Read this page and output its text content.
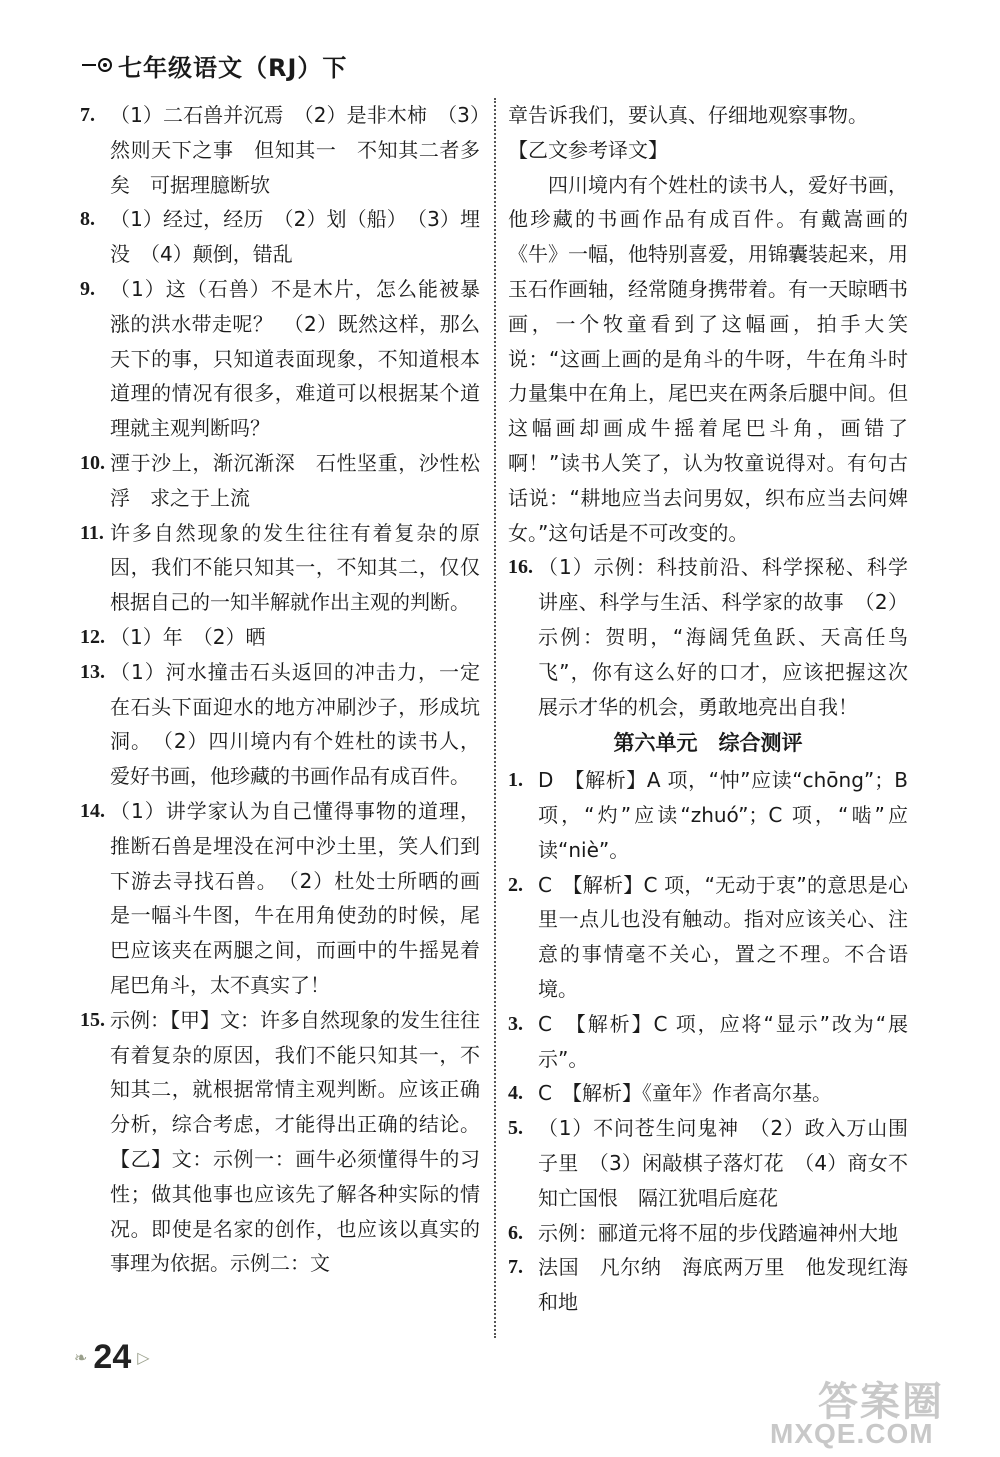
七年级语文（RJ）下
7. （1）二石兽并沉焉　（2）是非木柿　（3）然则天下之事　但知其一　不知其二者多矣　可据理臆断欤
8. （1）经过，经历　（2）划（船）　（3）埋没　（4）颠倒，错乱
9. （1）这（石兽）不是木片，怎么能被暴涨的洪水带走呢？　（2）既然这样，那么天下的事，只知道表面现象，不知道根本道理的情况有很多，难道可以根据某个道理就主观判断吗？
10. 湮于沙上，渐沉渐深　石性坚重，沙性松浮　求之于上流
11. 许多自然现象的发生往往有着复杂的原因，我们不能只知其一，不知其二，仅仅根据自己的一知半解就作出主观的判断。
12. （1）年　（2）晒
13. （1）河水撞击石头返回的冲击力，一定在石头下面迎水的地方冲刷沙子，形成坑洞。　（2）四川境内有个姓杜的读书人，爱好书画，他珍藏的书画作品有成百件。
14. （1）讲学家认为自己懂得事物的道理，推断石兽是埋没在河中沙土里，笑人们到下游去寻找石兽。　（2）杜处士所晒的画是一幅斗牛图，牛在用角使劲的时候，尾巴应该夹在两腿之间，而画中的牛摇晃着尾巴角斗，太不真实了！
15. 示例：【甲】文：许多自然现象的发生往往有着复杂的原因，我们不能只知其一，不知其二，就根据常情主观判断。应该正确分析，综合考虑，才能得出正确的结论。【乙】文：示例一：画牛必须懂得牛的习性；做其他事也应该先了解各种实际的情况。即使是名家的创作，也应该以真实的事理为依据。示例二：文
章告诉我们，要认真、仔细地观察事物。
【乙文参考译文】
四川境内有个姓杜的读书人，爱好书画，他珍藏的书画作品有成百件。有戴嵩画的《牛》一幅，他特别喜爱，用锦囊装起来，用玉石作画轴，经常随身携带着。有一天晾晒书画，一个牧童看到了这幅画，拍手大笑说：“这画上画的是角斗的牛呀，牛在角斗时力量集中在角上，尾巴夹在两条后腿中间。但这幅画却画成牛摇着尾巴斗角，画错了啊！”读书人笑了，认为牧童说得对。有句古话说：“耕地应当去问男奴，织布应当去问婢女。”这句话是不可改变的。
16. （1）示例：科技前沿、科学探秘、科学讲座、科学与生活、科学家的故事　（2）示例：贺明，“海阔凭鱼跃、天高任鸟飞”，你有这么好的口才，应该把握这次展示才华的机会，勇敢地亮出自我！
第六单元　综合测评
1. D　【解析】A 项，“忡”应读“chōng”；B 项，“灼”应读“zhuó”；C 项，“啮”应读“niè”。
2. C　【解析】C 项，“无动于衷”的意思是心里一点儿也没有触动。指对应该关心、注意的事情毫不关心，置之不理。不合语境。
3. C　【解析】C 项，应将“显示”改为“展示”。
4. C　【解析】《童年》作者高尔基。
5. （1）不问苍生问鬼神　（2）政入万山围子里　（3）闲敲棋子落灯花　（4）商女不知亡国恨　隔江犹唱后庭花
6. 示例：郦道元将不屈的步伐踏遍神州大地
7. 法国　凡尔纳　海底两万里　他发现红海和地
❧ 24 ▷
答案圈
MXQE.COM
